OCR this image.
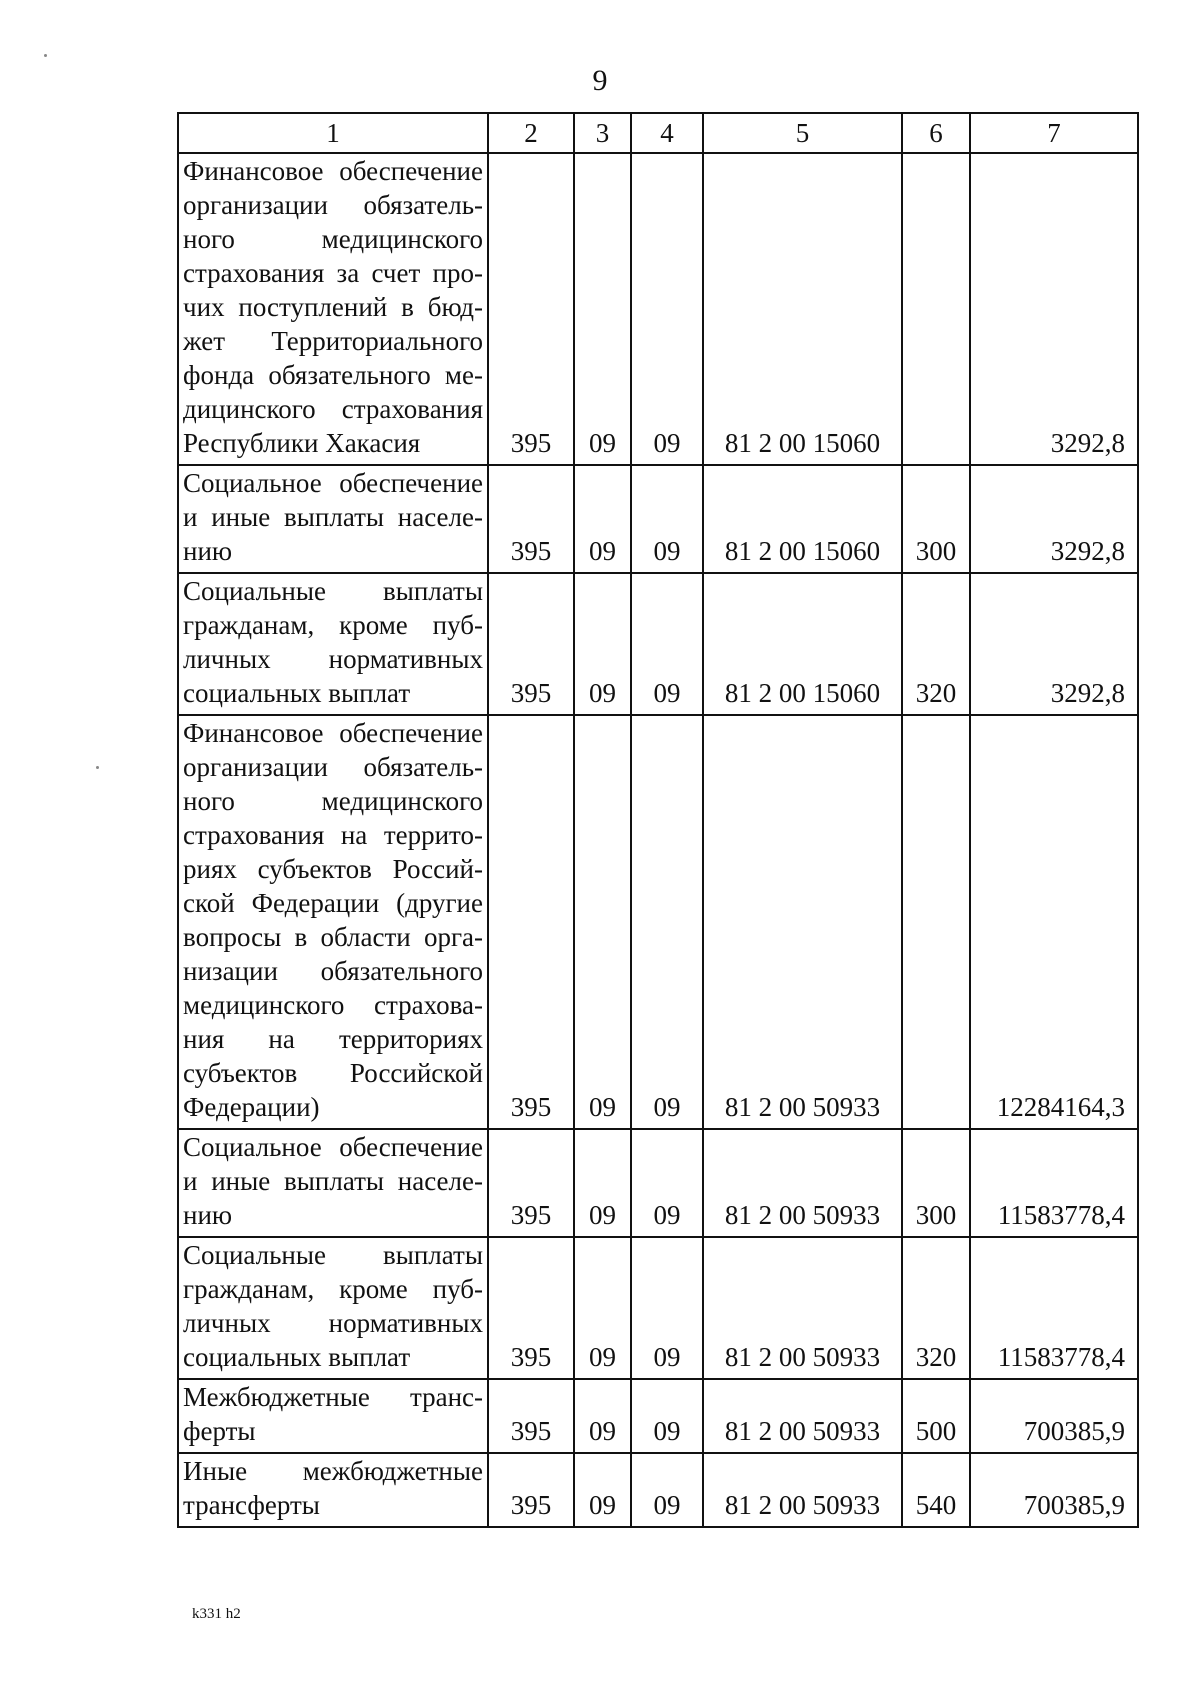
9
1	2	3	4	5	6	7
Финансовое обеспечение организации обязатель-ного медицинского страхования за счет про-чих поступлений в бюд-жет Территориального фонда обязательного ме-дицинского страхования Республики Хакасия	395	09	09	81 2 00 15060		3292,8
Социальное обеспечение и иные выплаты населе-нию	395	09	09	81 2 00 15060	300	3292,8
Социальные выплаты гражданам, кроме пуб-личных нормативных социальных выплат	395	09	09	81 2 00 15060	320	3292,8
Финансовое обеспечение организации обязатель-ного медицинского страхования на террито-риях субъектов Россий-ской Федерации (другие вопросы в области орга-низации обязательного медицинского страхова-ния на территориях субъектов Российской Федерации)	395	09	09	81 2 00 50933		12284164,3
Социальное обеспечение и иные выплаты населе-нию	395	09	09	81 2 00 50933	300	11583778,4
Социальные выплаты гражданам, кроме пуб-личных нормативных социальных выплат	395	09	09	81 2 00 50933	320	11583778,4
Межбюджетные транс-ферты	395	09	09	81 2 00 50933	500	700385,9
Иные межбюджетные трансферты	395	09	09	81 2 00 50933	540	700385,9
k331 h2
